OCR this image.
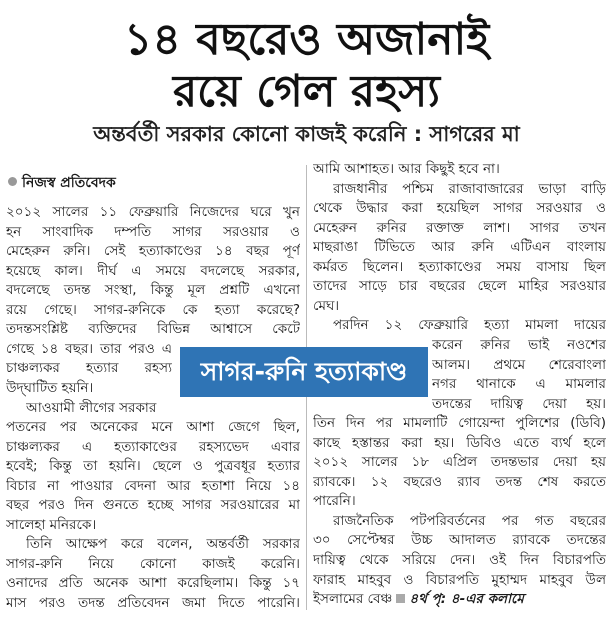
১৪ বছরেও অজানাই
রয়ে গেল রহস্য
অন্তর্বর্তী সরকার কোনো কাজই করেনি : সাগরের মা
নিজস্ব প্রতিবেদক
২০১২ সালের ১১ ফেব্রুয়ারি নিজেদের ঘরে খুন
হন সাংবাদিক দম্পতি সাগর সরওয়ার ও
মেহেরুন রুনি। সেই হত্যাকাণ্ডের ১৪ বছর পূর্ণ
হয়েছে কাল। দীর্ঘ এ সময়ে বদলেছে সরকার,
বদলেছে তদন্ত সংস্থা, কিন্তু মূল প্রশ্নটি এখনো
রয়ে গেছে। সাগর-রুনিকে কে হত্যা করেছে?
তদন্তসংশ্লিষ্ট ব্যক্তিদের বিভিন্ন আশ্বাসে কেটে
গেছে ১৪ বছর। তার পরও এ
চাঞ্চল্যকর হত্যার রহস্য
উদ্‌ঘাটিত হয়নি।
আওয়ামী লীগের সরকার
পতনের পর অনেকের মনে আশা জেগে ছিল,
চাঞ্চল্যকর এ হত্যাকাণ্ডের রহস্যভেদ এবার
হবেই; কিন্তু তা হয়নি। ছেলে ও পুত্রবধূর হত্যার
বিচার না পাওয়ার বেদনা আর হতাশা নিয়ে ১৪
বছর পরও দিন গুনতে হচ্ছে সাগর সরওয়ারের মা
সালেহা মনিরকে।
তিনি আক্ষেপ করে বলেন, অন্তর্বর্তী সরকার
সাগর-রুনি নিয়ে কোনো কাজই করেনি।
ওনাদের প্রতি অনেক আশা করেছিলাম। কিন্তু ১৭
মাস পরও তদন্ত প্রতিবেদন জমা দিতে পারেনি।
আমি আশাহত। আর কিছুই হবে না।
রাজধানীর পশ্চিম রাজাবাজারের ভাড়া বাড়ি
থেকে উদ্ধার করা হয়েছিল সাগর সরওয়ার ও
মেহেরুন রুনির রক্তাক্ত লাশ। সাগর তখন
মাছরাঙা টিভিতে আর রুনি এটিএন বাংলায়
কর্মরত ছিলেন। হত্যাকাণ্ডের সময় বাসায় ছিল
তাদের সাড়ে চার বছরের ছেলে মাহির সরওয়ার
মেঘ।
পরদিন ১২ ফেব্রুয়ারি হত্যা মামলা দায়ের
করেন রুনির ভাই নওশের
আলম। প্রথমে শেরেবাংলা
নগর থানাকে এ মামলার
তদন্তের দায়িত্ব দেয়া হয়।
তিন দিন পর মামলাটি গোয়েন্দা পুলিশের (ডিবি)
কাছে হস্তান্তর করা হয়। ডিবিও এতে ব্যর্থ হলে
২০১২ সালের ১৮ এপ্রিল তদন্তভার দেয়া হয়
র‍্যাবকে। ১২ বছরেও র‍্যাব তদন্ত শেষ করতে
পারেনি।
রাজনৈতিক পটপরিবর্তনের পর গত বছরের
৩০ সেপ্টেম্বর উচ্চ আদালত র‍্যাবকে তদন্তের
দায়িত্ব থেকে সরিয়ে দেন। ওই দিন বিচারপতি
ফারাহ মাহবুব ও বিচারপতি মুহাম্মদ মাহবুব উল
ইসলামের বেঞ্চ ৪র্থ পৃ: ৪-এর কলামে
সাগর-রুনি হত্যাকাণ্ড
